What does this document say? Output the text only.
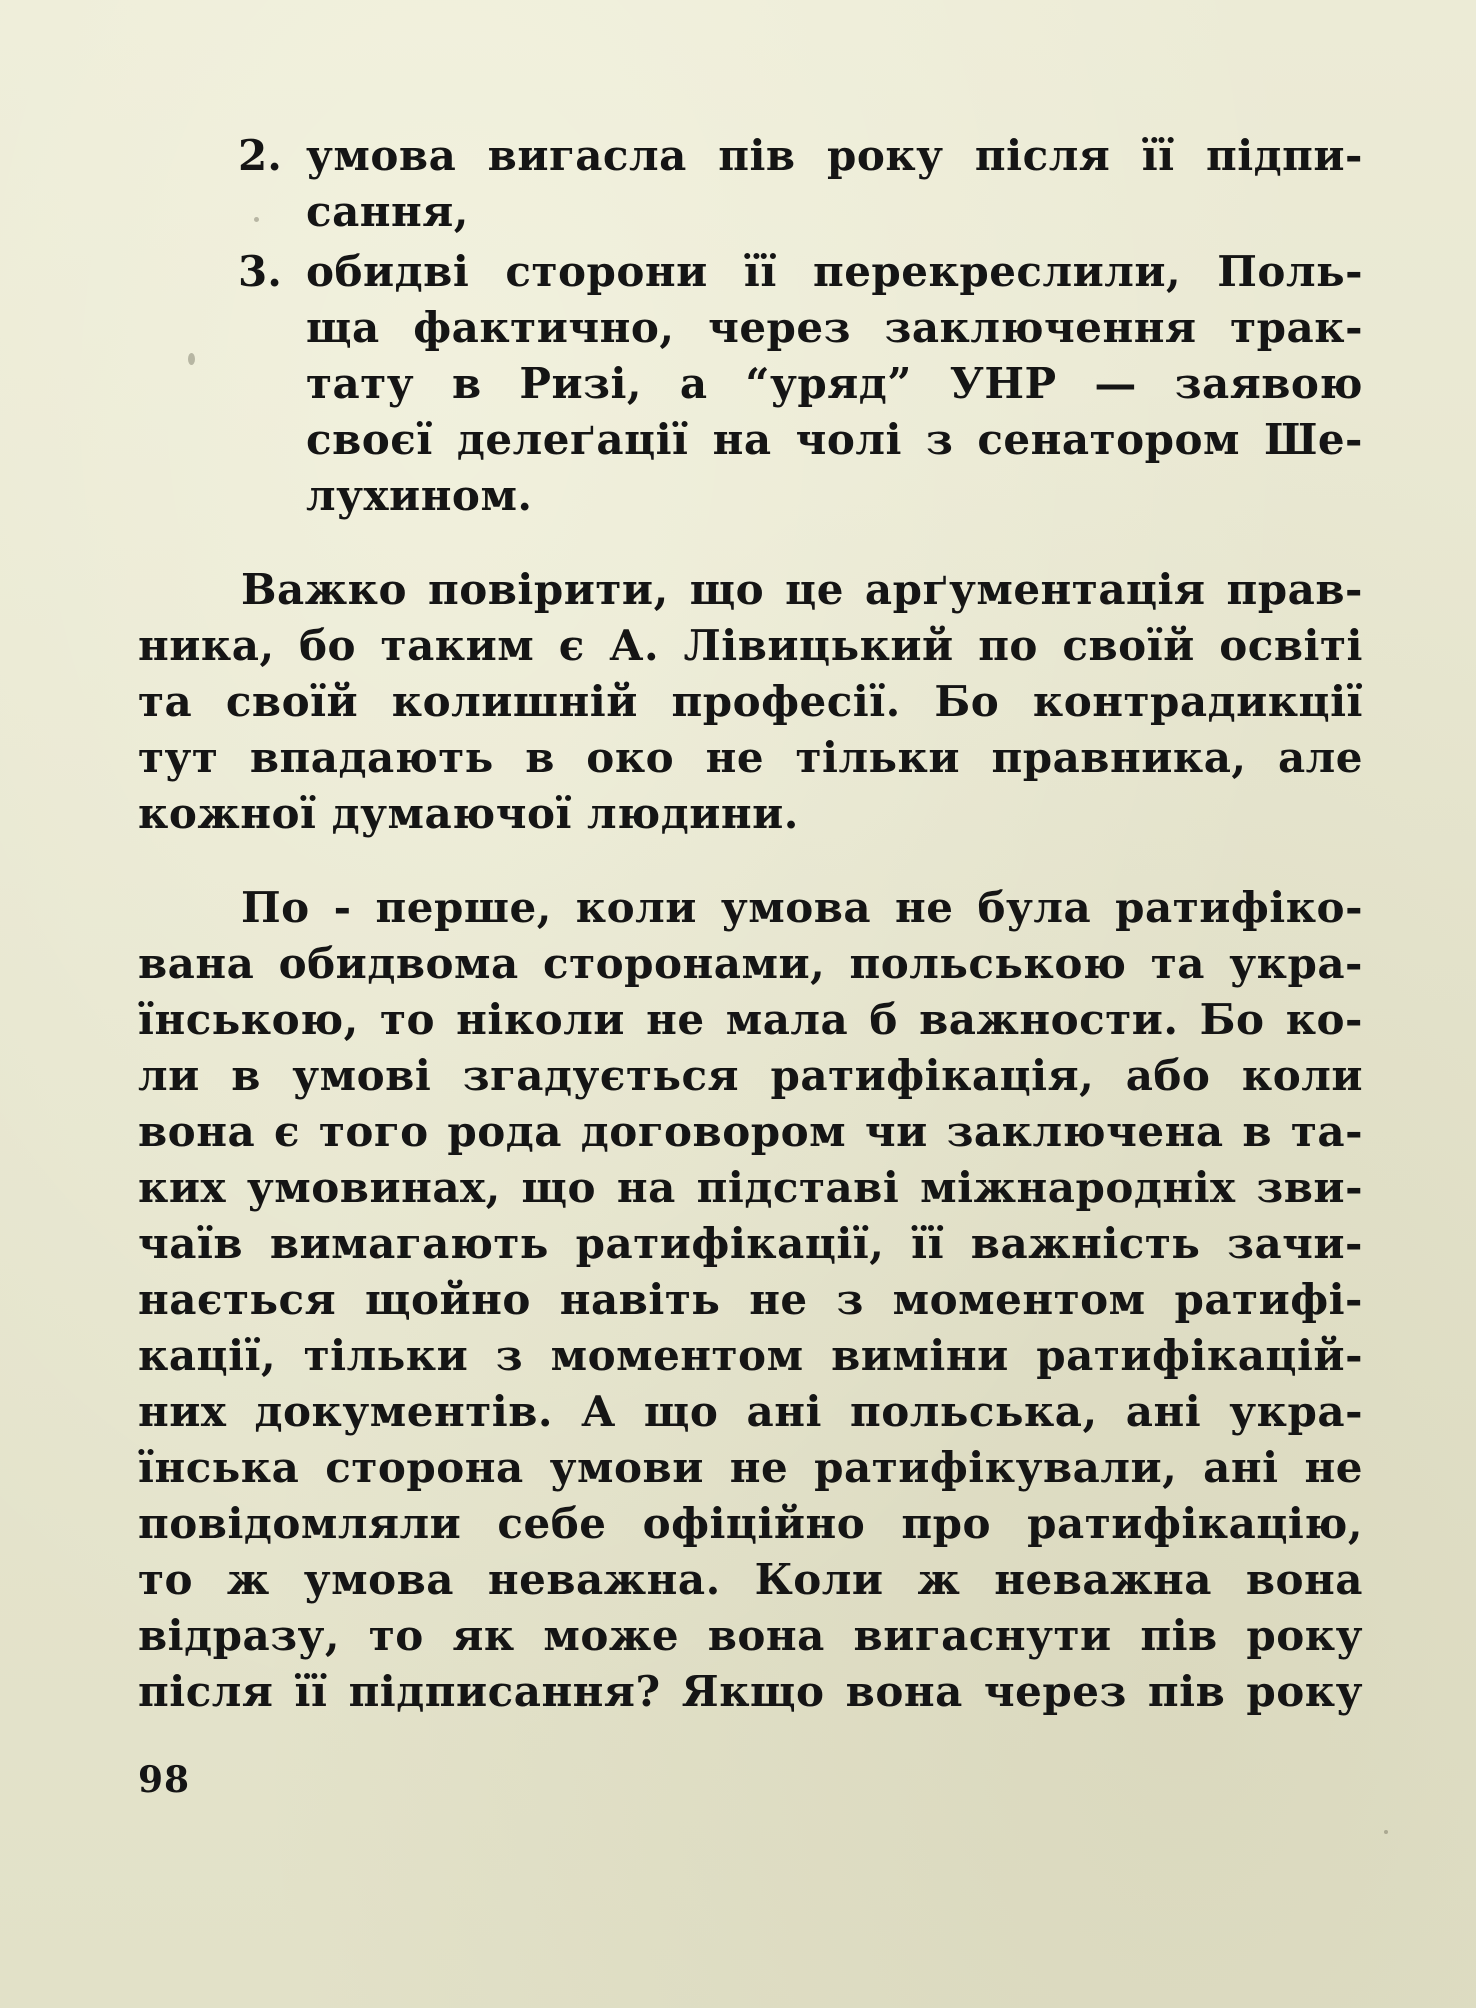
2. умова вигасла пів року після її підпи-
сання,
3. обидві сторони її перекреслили, Поль-
ща фактично, через заключення трак-
тату в Ризі, а “уряд” УНР — заявою
своєї делеґації на чолі з сенатором Ше-
лухином.
Важко повірити, що це арґументація прав-
ника, бо таким є А. Лівицький по своїй освіті
та своїй колишній професії. Бо контрадикції
тут впадають в око не тільки правника, але
кожної думаючої людини.
По - перше, коли умова не була ратифіко-
вана обидвома сторонами, польською та укра-
їнською, то ніколи не мала б важности. Бо ко-
ли в умові згадується ратифікація, або коли
вона є того рода договором чи заключена в та-
ких умовинах, що на підставі міжнародніх зви-
чаїв вимагають ратифікації, її важність зачи-
нається щойно навіть не з моментом ратифі-
кації, тільки з моментом виміни ратифікацій-
них документів. А що ані польська, ані укра-
їнська сторона умови не ратифікували, ані не
повідомляли себе офіційно про ратифікацію,
то ж умова неважна. Коли ж неважна вона
відразу, то як може вона вигаснути пів року
після її підписання? Якщо вона через пів року
98
